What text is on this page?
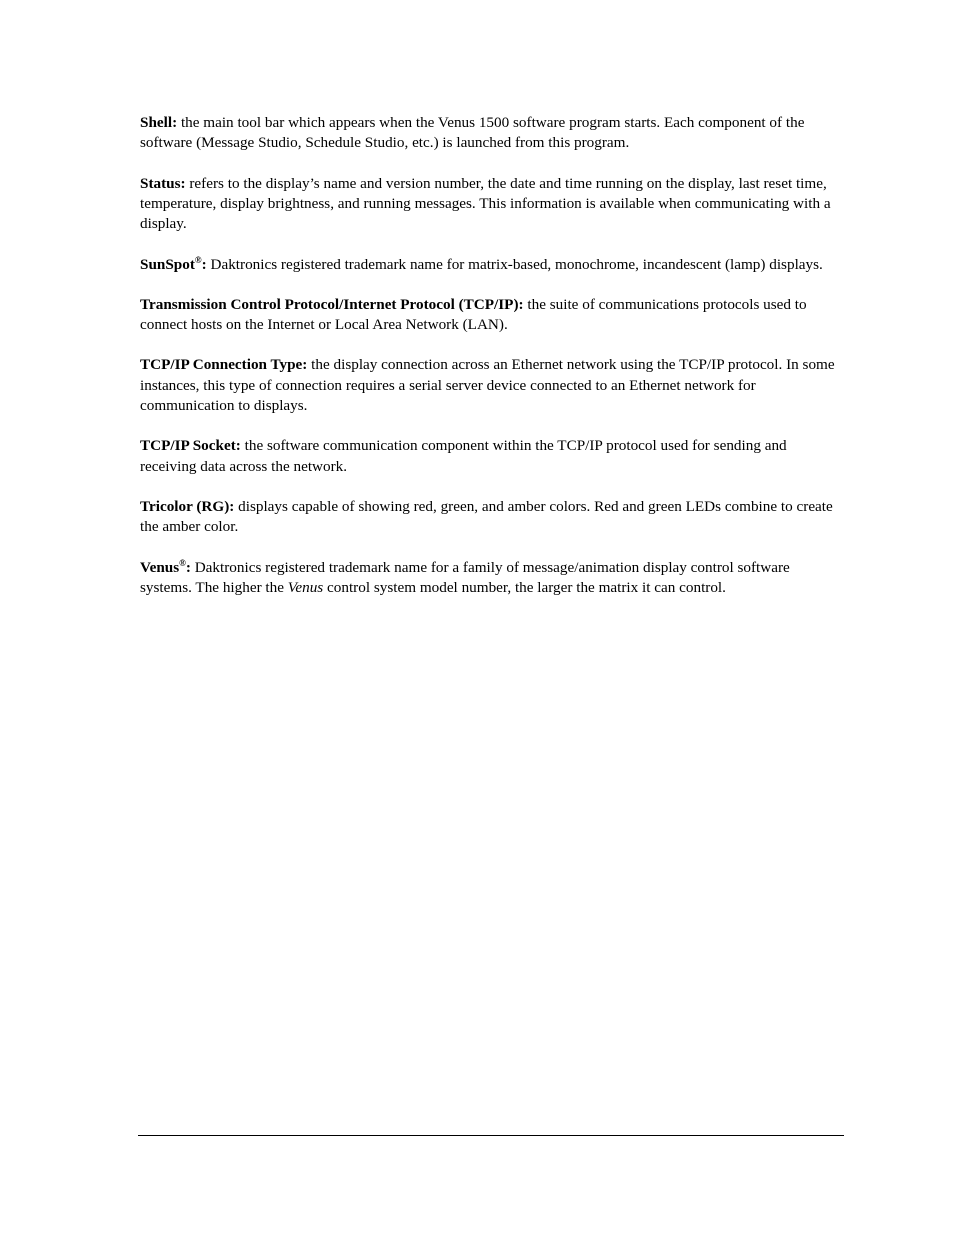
Shell: the main tool bar which appears when the Venus 1500 software program starts. Each component of the software (Message Studio, Schedule Studio, etc.) is launched from this program.

Status: refers to the display’s name and version number, the date and time running on the display, last reset time, temperature, display brightness, and running messages. This information is available when communicating with a display.

SunSpot®: Daktronics registered trademark name for matrix-based, monochrome, incandescent (lamp) displays.

Transmission Control Protocol/Internet Protocol (TCP/IP): the suite of communications protocols used to connect hosts on the Internet or Local Area Network (LAN).

TCP/IP Connection Type: the display connection across an Ethernet network using the TCP/IP protocol. In some instances, this type of connection requires a serial server device connected to an Ethernet network for communication to displays.

TCP/IP Socket: the software communication component within the TCP/IP protocol used for sending and receiving data across the network.

Tricolor (RG): displays capable of showing red, green, and amber colors. Red and green LEDs combine to create the amber color.

Venus®: Daktronics registered trademark name for a family of message/animation display control software systems. The higher the Venus control system model number, the larger the matrix it can control.
